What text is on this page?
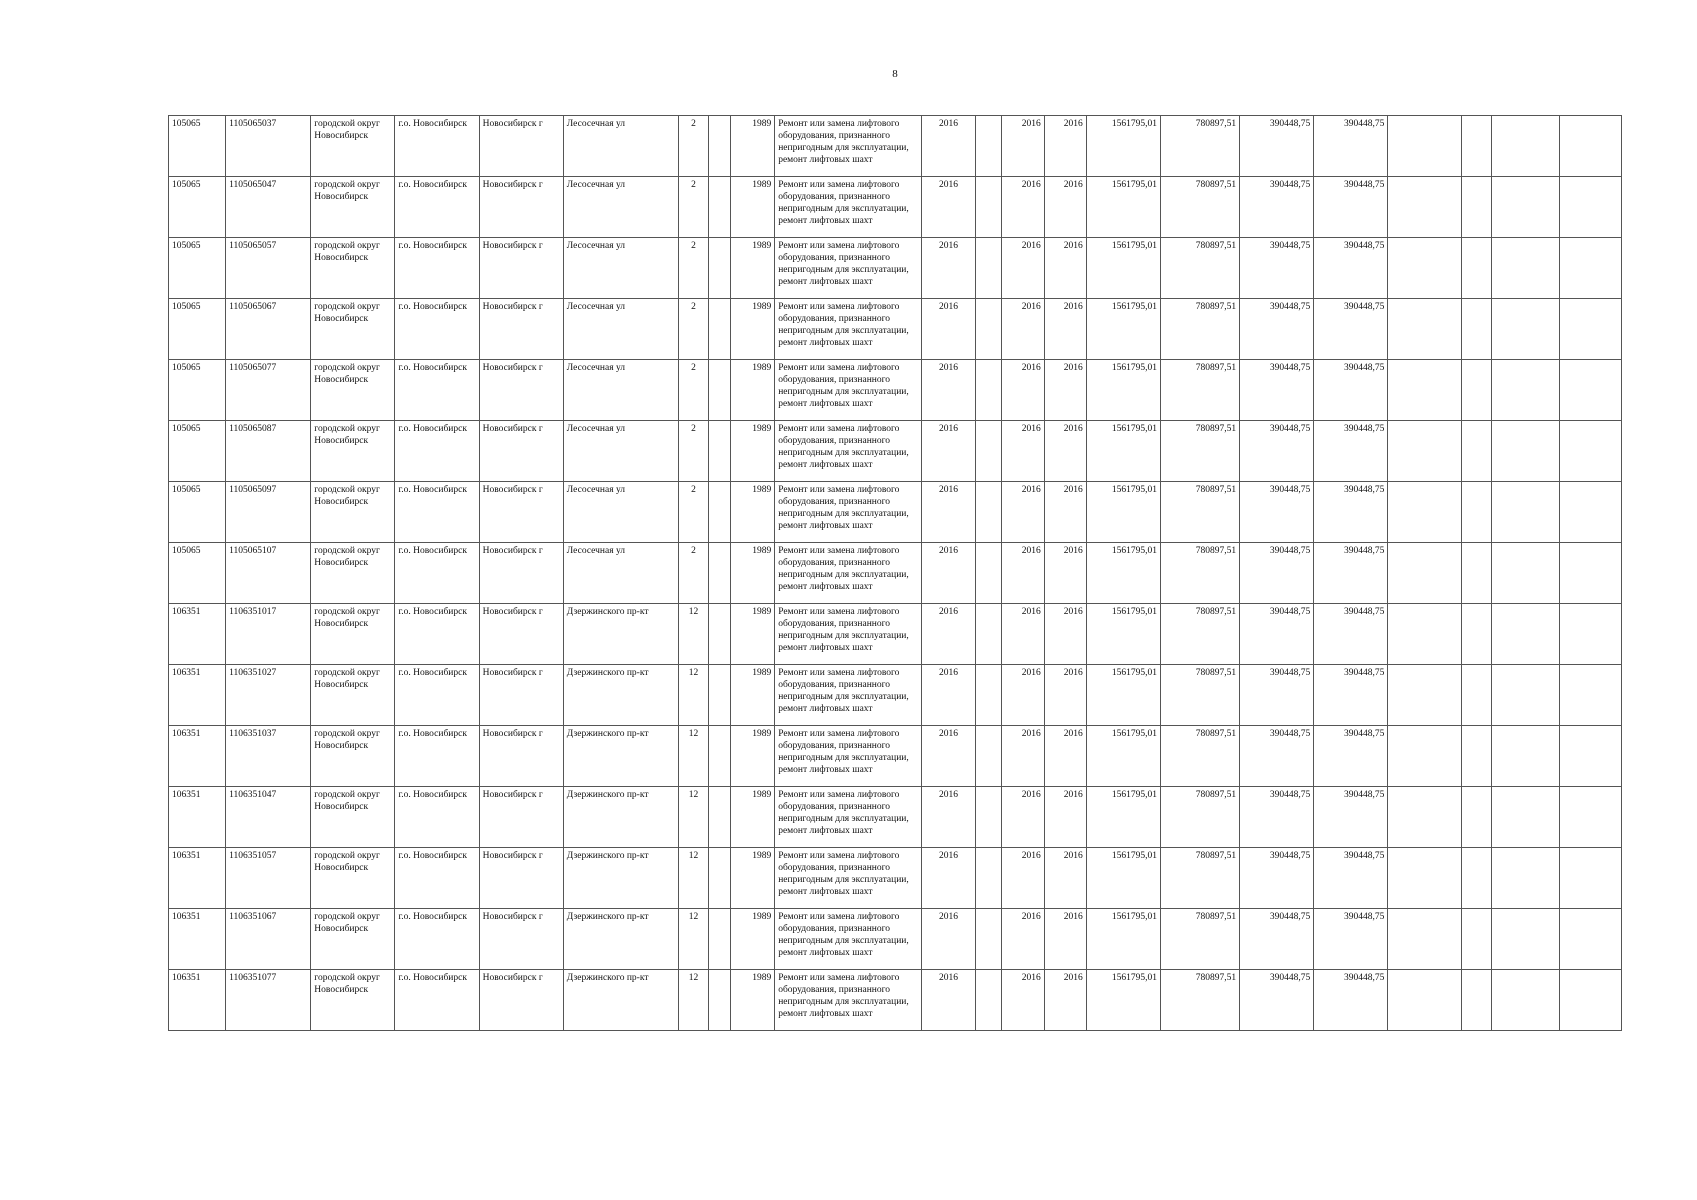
8
105065	1105065037	городской округ Новосибирск	г.о. Новосибирск	Новосибирск г	Лесосечная ул	2		1989	Ремонт или замена лифтового оборудования, признанного непригодным для эксплуатации, ремонт лифтовых шахт	2016		2016	2016	1561795,01	780897,51	390448,75	390448,75				
105065	1105065047	городской округ Новосибирск	г.о. Новосибирск	Новосибирск г	Лесосечная ул	2		1989	Ремонт или замена лифтового оборудования, признанного непригодным для эксплуатации, ремонт лифтовых шахт	2016		2016	2016	1561795,01	780897,51	390448,75	390448,75				
105065	1105065057	городской округ Новосибирск	г.о. Новосибирск	Новосибирск г	Лесосечная ул	2		1989	Ремонт или замена лифтового оборудования, признанного непригодным для эксплуатации, ремонт лифтовых шахт	2016		2016	2016	1561795,01	780897,51	390448,75	390448,75				
105065	1105065067	городской округ Новосибирск	г.о. Новосибирск	Новосибирск г	Лесосечная ул	2		1989	Ремонт или замена лифтового оборудования, признанного непригодным для эксплуатации, ремонт лифтовых шахт	2016		2016	2016	1561795,01	780897,51	390448,75	390448,75				
105065	1105065077	городской округ Новосибирск	г.о. Новосибирск	Новосибирск г	Лесосечная ул	2		1989	Ремонт или замена лифтового оборудования, признанного непригодным для эксплуатации, ремонт лифтовых шахт	2016		2016	2016	1561795,01	780897,51	390448,75	390448,75				
105065	1105065087	городской округ Новосибирск	г.о. Новосибирск	Новосибирск г	Лесосечная ул	2		1989	Ремонт или замена лифтового оборудования, признанного непригодным для эксплуатации, ремонт лифтовых шахт	2016		2016	2016	1561795,01	780897,51	390448,75	390448,75				
105065	1105065097	городской округ Новосибирск	г.о. Новосибирск	Новосибирск г	Лесосечная ул	2		1989	Ремонт или замена лифтового оборудования, признанного непригодным для эксплуатации, ремонт лифтовых шахт	2016		2016	2016	1561795,01	780897,51	390448,75	390448,75				
105065	1105065107	городской округ Новосибирск	г.о. Новосибирск	Новосибирск г	Лесосечная ул	2		1989	Ремонт или замена лифтового оборудования, признанного непригодным для эксплуатации, ремонт лифтовых шахт	2016		2016	2016	1561795,01	780897,51	390448,75	390448,75				
106351	1106351017	городской округ Новосибирск	г.о. Новосибирск	Новосибирск г	Дзержинского пр-кт	12		1989	Ремонт или замена лифтового оборудования, признанного непригодным для эксплуатации, ремонт лифтовых шахт	2016		2016	2016	1561795,01	780897,51	390448,75	390448,75				
106351	1106351027	городской округ Новосибирск	г.о. Новосибирск	Новосибирск г	Дзержинского пр-кт	12		1989	Ремонт или замена лифтового оборудования, признанного непригодным для эксплуатации, ремонт лифтовых шахт	2016		2016	2016	1561795,01	780897,51	390448,75	390448,75				
106351	1106351037	городской округ Новосибирск	г.о. Новосибирск	Новосибирск г	Дзержинского пр-кт	12		1989	Ремонт или замена лифтового оборудования, признанного непригодным для эксплуатации, ремонт лифтовых шахт	2016		2016	2016	1561795,01	780897,51	390448,75	390448,75				
106351	1106351047	городской округ Новосибирск	г.о. Новосибирск	Новосибирск г	Дзержинского пр-кт	12		1989	Ремонт или замена лифтового оборудования, признанного непригодным для эксплуатации, ремонт лифтовых шахт	2016		2016	2016	1561795,01	780897,51	390448,75	390448,75				
106351	1106351057	городской округ Новосибирск	г.о. Новосибирск	Новосибирск г	Дзержинского пр-кт	12		1989	Ремонт или замена лифтового оборудования, признанного непригодным для эксплуатации, ремонт лифтовых шахт	2016		2016	2016	1561795,01	780897,51	390448,75	390448,75				
106351	1106351067	городской округ Новосибирск	г.о. Новосибирск	Новосибирск г	Дзержинского пр-кт	12		1989	Ремонт или замена лифтового оборудования, признанного непригодным для эксплуатации, ремонт лифтовых шахт	2016		2016	2016	1561795,01	780897,51	390448,75	390448,75				
106351	1106351077	городской округ Новосибирск	г.о. Новосибирск	Новосибирск г	Дзержинского пр-кт	12		1989	Ремонт или замена лифтового оборудования, признанного непригодным для эксплуатации, ремонт лифтовых шахт	2016		2016	2016	1561795,01	780897,51	390448,75	390448,75				
